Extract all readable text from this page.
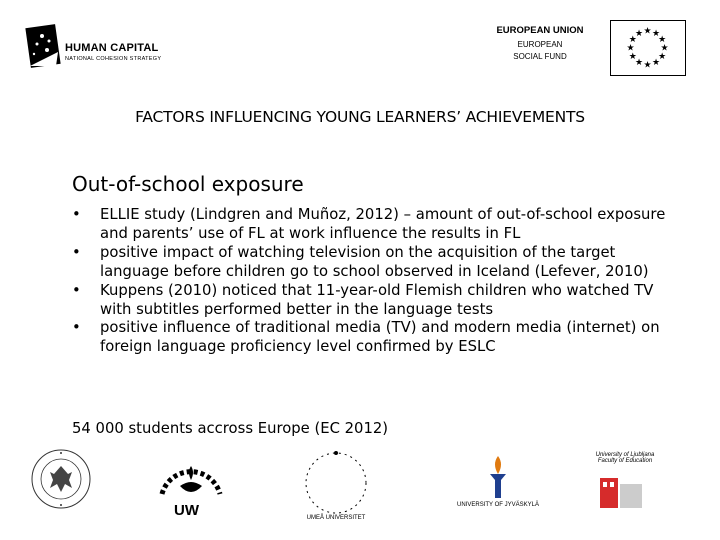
HUMAN CAPITAL
NATIONAL COHESION STRATEGY
EUROPEAN UNION
EUROPEAN
SOCIAL FUND
★ ★
★
★
★
★
★
★
★
★
★
★
FACTORS INFLUENCING YOUNG LEARNERS’ ACHIEVEMENTS
Out-of-school exposure
• ELLIE study (Lindgren and Muñoz, 2012) – amount of out-of-school exposure and parents’ use of FL at work influence the results in FL
• positive impact of watching television on the acquisition of the target language before children go to school observed in Iceland (Lefever, 2010)
• Kuppens (2010) noticed that 11-year-old Flemish children who watched TV with subtitles performed better in the language tests
• positive influence of traditional media (TV) and modern media (internet) on foreign language proficiency level confirmed by ESLC
54 000 students accross Europe (EC 2012)
UW	UMEÅ UNIVERSITET
UNIVERSITY OF JYVÄSKYLÄ
University of Ljubljana
Faculty of Education
